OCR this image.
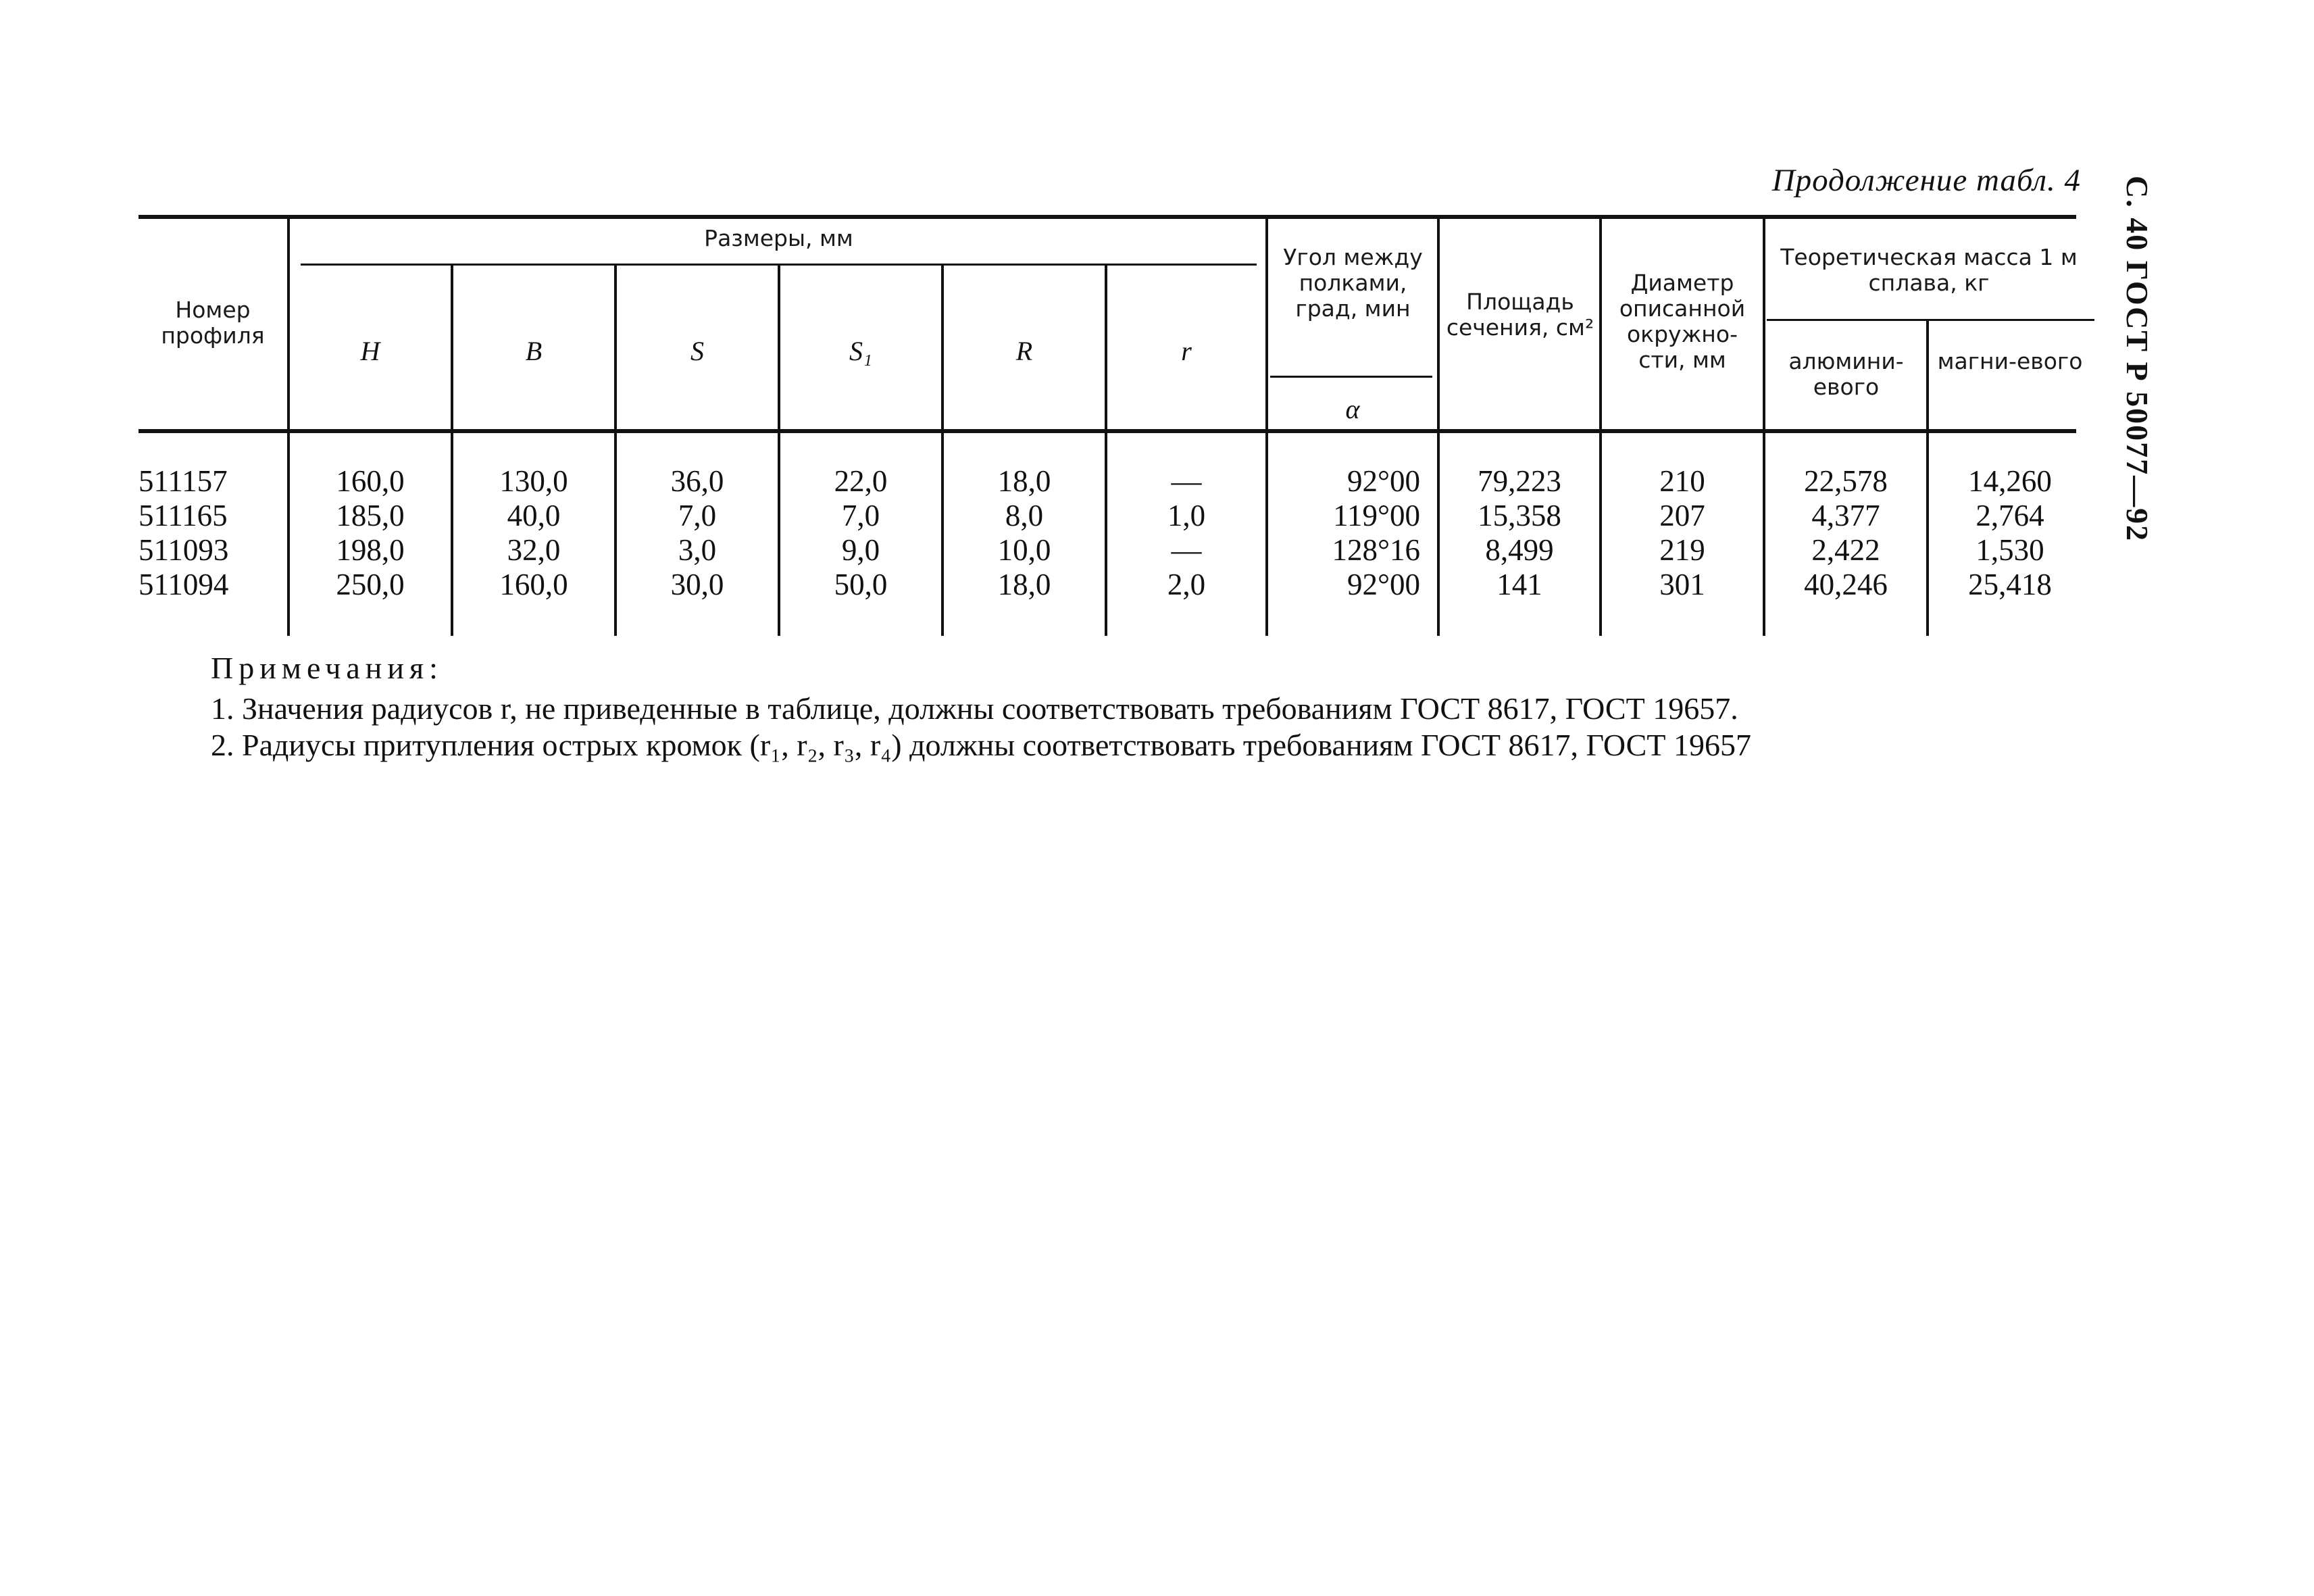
Продолжение табл. 4 С. 40 ГОСТ Р 50077—92
Номер профиля
Размеры, мм
H	B	S	S₁	R	r
Угол между полками, град, мин
α
Площадь сечения, см²
Диаметр описанной окружно-сти, мм
Теоретическая масса 1 м сплава, кг
алюмини-евого
магни-евого
511157	160,0	130,0	36,0	22,0	18,0	—	92°00	79,223	210	22,578	14,260
511165	185,0	40,0	7,0	7,0	8,0	1,0	119°00	15,358	207	4,377	2,764
511093	198,0	32,0	3,0	9,0	10,0	—	128°16	8,499	219	2,422	1,530
511094	250,0	160,0	30,0	50,0	18,0	2,0	92°00	141	301	40,246	25,418
Примечания:
1. Значения радиусов r, не приведенные в таблице, должны соответствовать требованиям ГОСТ 8617, ГОСТ 19657.
2. Радиусы притупления острых кромок (r₁, r₂, r₃, r₄) должны соответствовать требованиям ГОСТ 8617, ГОСТ 19657
